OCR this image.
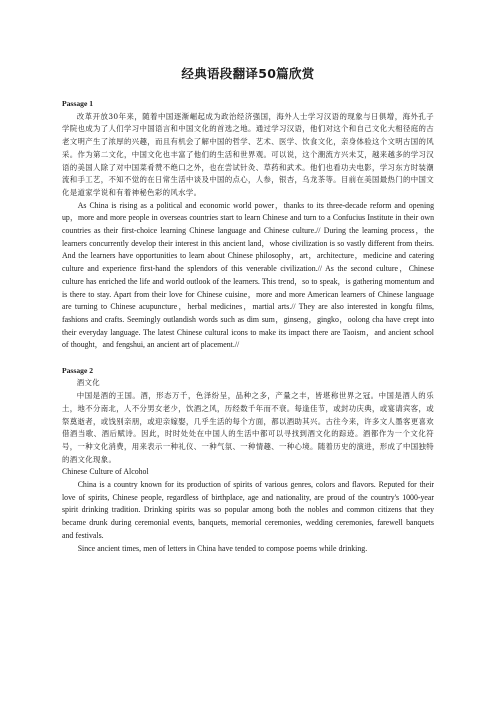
经典语段翻译50篇欣赏

Passage 1

改革开放30年来，随着中国逐渐崛起成为政治经济强国，海外人士学习汉语的现象与日俱增，海外孔子学院也成为了人们学习中国语言和中国文化的首选之地。通过学习汉语，他们对这个和自己文化大相径庭的古老文明产生了浓厚的兴趣，而且有机会了解中国的哲学、艺术、医学、饮食文化，亲身体验这个文明古国的风采。作为第二文化，中国文化也丰富了他们的生活和世界观。可以说，这个潮流方兴未艾，越来越多的学习汉语的美国人除了对中国菜肴赞不绝口之外，也在尝试针灸、草药和武术。他们也看功夫电影，学习东方时装潮流和手工艺，不知不觉的在日常生活中谈及中国的点心，人参，银杏，乌龙茶等。目前在美国最热门的中国文化是道家学说和有着神秘色彩的风水学。

As China is rising as a political and economic world power，thanks to its three-decade reform and opening up，more and more people in overseas countries start to learn Chinese and turn to a Confucius Institute in their own countries as their first-choice learning Chinese language and Chinese culture.// During the learning process，the learners concurrently develop their interest in this ancient land，whose civilization is so vastly different from theirs. And the learners have opportunities to learn about Chinese philosophy，art，architecture，medicine and catering culture and experience first-hand the splendors of this venerable civilization.// As the second culture，Chinese culture has enriched the life and world outlook of the learners. This trend，so to speak，is gathering momentum and is there to stay. Apart from their love for Chinese cuisine，more and more American learners of Chinese language are turning to Chinese acupuncture，herbal medicines，martial arts.// They are also interested in kongfu films, fashions and crafts. Seemingly outlandish words such as dim sum，ginseng，gingko，oolong cha have crept into their everyday language. The latest Chinese cultural icons to make its impact there are Taoism，and ancient school of thought，and fengshui, an ancient art of placement.//

Passage 2

酒文化

中国是酒的王国。酒，形态万千，色泽纷呈，品种之多，产量之丰，皆堪称世界之冠。中国是酒人的乐土，地不分南北，人不分男女老少，饮酒之风，历经数千年而不衰。每逢佳节，或封功庆典，或宴请宾客，或祭奠逝者，或饯别亲朋，或迎亲嫁娶，几乎生活的每个方面，都以酒助其兴。古往今来，许多文人墨客更喜欢借酒当歌、酒后赋诗。因此，时时处处在中国人的生活中都可以寻找到酒文化的踪迹。酒都作为一个文化符号，一种文化消费，用来表示一种礼仪、一种气氛、一种情趣、一种心境。随着历史的演进，形成了中国独特的酒文化现象。

Chinese Culture of Alcohol

China is a country known for its production of spirits of various genres, colors and flavors. Reputed for their love of spirits, Chinese people, regardless of birthplace, age and nationality, are proud of the country's 1000-year spirit drinking tradition. Drinking spirits was so popular among both the nobles and common citizens that they became drunk during ceremonial events, banquets, memorial ceremonies, wedding ceremonies, farewell banquets and festivals.

Since ancient times, men of letters in China have tended to compose poems while drinking.
